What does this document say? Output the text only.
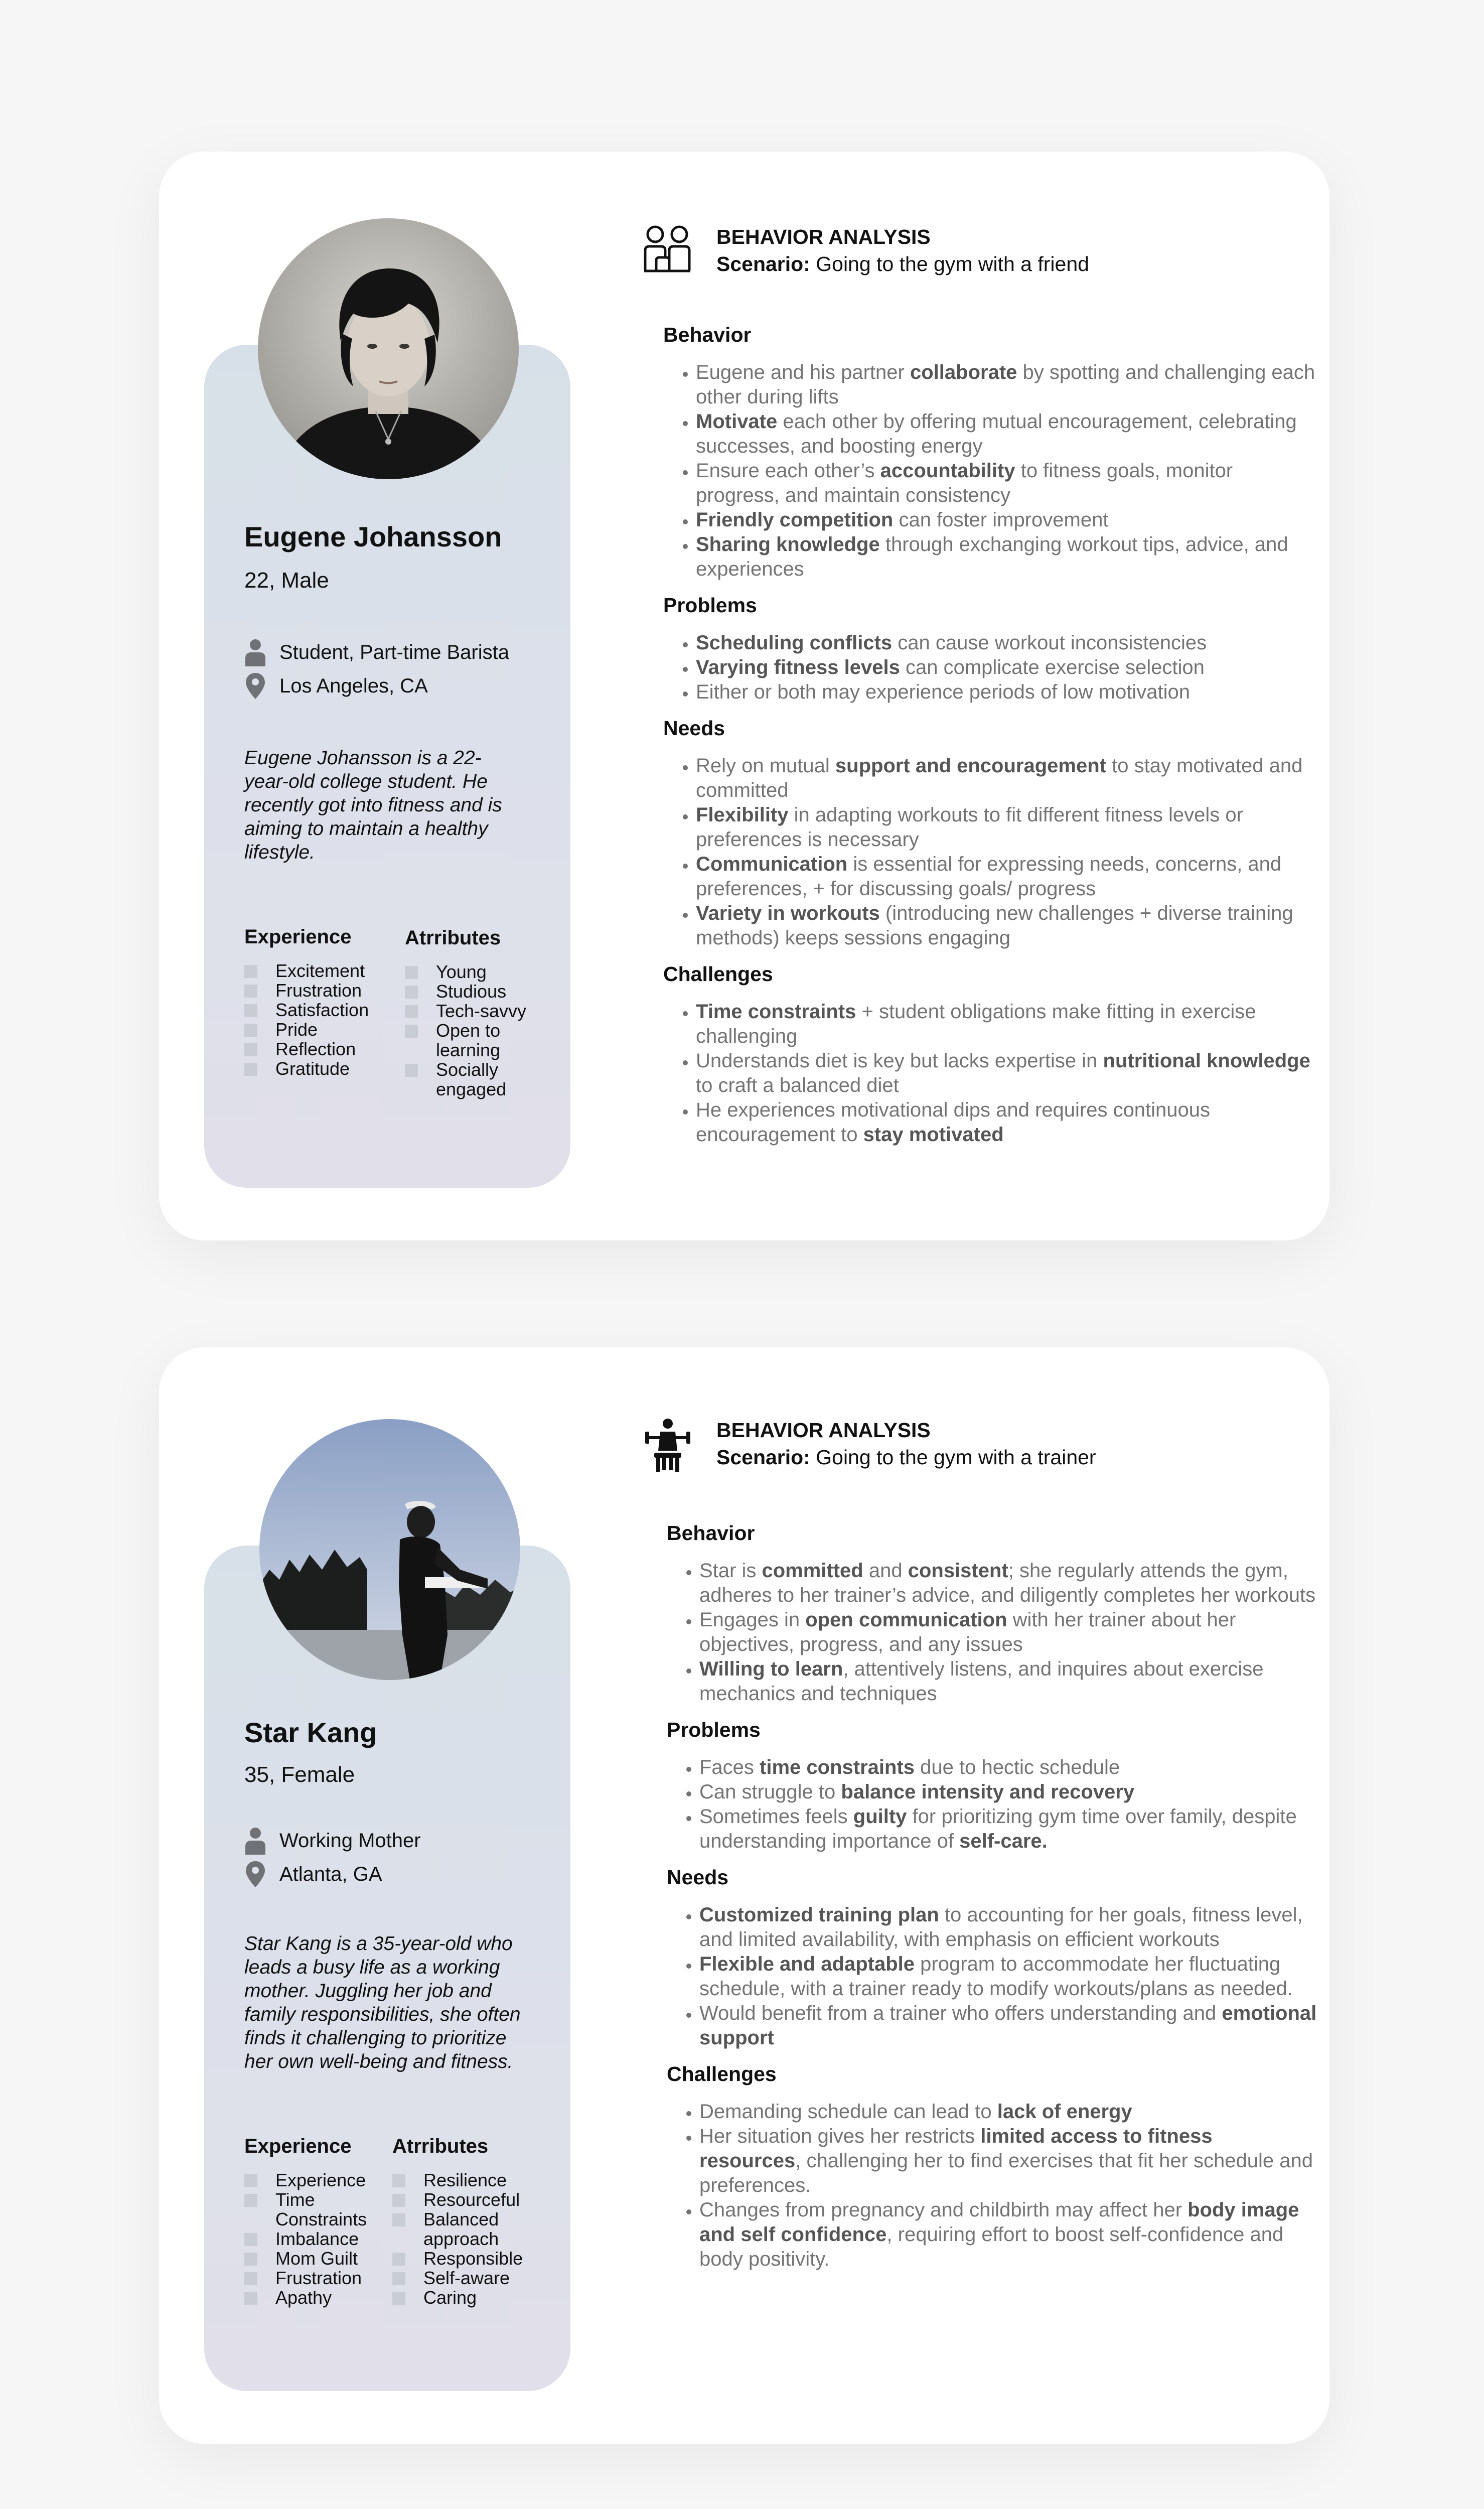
Eugene Johansson
22, Male
Student, Part-time Barista
Los Angeles, CA

Eugene Johansson is a 22-year-old college student. He recently got into fitness and is aiming to maintain a healthy lifestyle.

Experience
Excitement
Frustration
Satisfaction
Pride
Reflection
Gratitude
Atrributes
Young
Studious
Tech-savvy
Open to learning
Socially engaged
BEHAVIOR ANALYSIS
Scenario: Going to the gym with a friend
Behavior
• Eugene and his partner collaborate by spotting and challenging each other during lifts
• Motivate each other by offering mutual encouragement, celebrating successes, and boosting energy
• Ensure each other’s accountability to fitness goals, monitor progress, and maintain consistency
• Friendly competition can foster improvement
• Sharing knowledge through exchanging workout tips, advice, and experiences
Problems
• Scheduling conflicts can cause workout inconsistencies
• Varying fitness levels can complicate exercise selection
• Either or both may experience periods of low motivation
Needs
• Rely on mutual support and encouragement to stay motivated and committed
• Flexibility in adapting workouts to fit different fitness levels or preferences is necessary
• Communication is essential for expressing needs, concerns, and preferences, + for discussing goals/ progress
• Variety in workouts (introducing new challenges + diverse training methods) keeps sessions engaging
Challenges
• Time constraints + student obligations make fitting in exercise challenging
• Understands diet is key but lacks expertise in nutritional knowledge to craft a balanced diet
• He experiences motivational dips and requires continuous encouragement to stay motivated
Star Kang
35, Female
Working Mother
Atlanta, GA

Star Kang is a 35-year-old who leads a busy life as a working mother. Juggling her job and family responsibilities, she often finds it challenging to prioritize her own well-being and fitness.

Experience
Experience
Time Constraints
Imbalance
Mom Guilt
Frustration
Apathy
Atrributes
Resilience
Resourceful
Balanced approach
Responsible
Self-aware
Caring
BEHAVIOR ANALYSIS
Scenario: Going to the gym with a trainer
Behavior
• Star is committed and consistent; she regularly attends the gym, adheres to her trainer’s advice, and diligently completes her workouts
• Engages in open communication with her trainer about her objectives, progress, and any issues
• Willing to learn, attentively listens, and inquires about exercise mechanics and techniques
Problems
• Faces time constraints due to hectic schedule
• Can struggle to balance intensity and recovery
• Sometimes feels guilty for prioritizing gym time over family, despite understanding importance of self-care.
Needs
• Customized training plan to accounting for her goals, fitness level, and limited availability, with emphasis on efficient workouts
• Flexible and adaptable program to accommodate her fluctuating schedule, with a trainer ready to modify workouts/plans as needed.
• Would benefit from a trainer who offers understanding and emotional support
Challenges
• Demanding schedule can lead to lack of energy
• Her situation gives her restricts limited access to fitness resources, challenging her to find exercises that fit her schedule and preferences.
• Changes from pregnancy and childbirth may affect her body image and self confidence, requiring effort to boost self-confidence and body positivity.
